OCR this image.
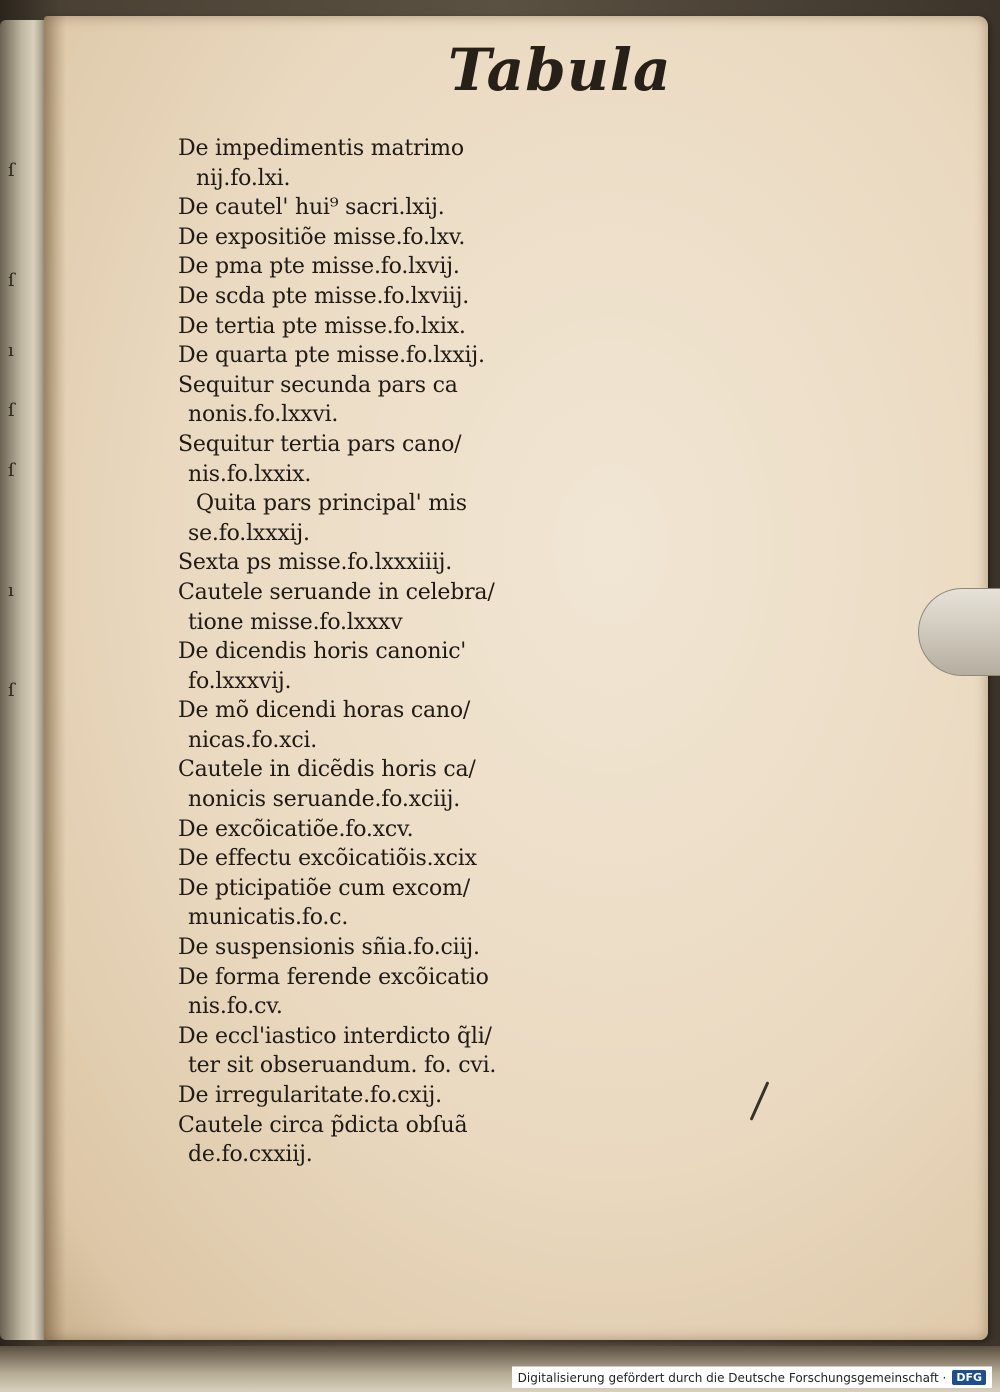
ſ
ſ
ı
ſ
ſ
ı
ſ
Tabula
De impedimentis matrimo
nij.fo.lxi.
De cautel' hui⁹ sacri.lxij.
De expositiõe misse.fo.lxv.
De pma pte misse.fo.lxvij.
De scda pte misse.fo.lxviij.
De tertia pte misse.fo.lxix.
De quarta pte misse.fo.lxxij.
Sequitur secunda pars ca
nonis.fo.lxxvi.
Sequitur tertia pars cano/
nis.fo.lxxix.
Quita pars principal' mis
se.fo.lxxxij.
Sexta ps misse.fo.lxxxiiij.
Cautele seruande in celebra/
tione misse.fo.lxxxv
De dicendis horis canonic'
fo.lxxxvij.
De mõ dicendi horas cano/
nicas.fo.xci.
Cautele in dicẽdis horis ca/
nonicis seruande.fo.xciij.
De excõicatiõe.fo.xcv.
De effectu excõicatiõis.xcix
De pticipatiõe cum excom/
municatis.fo.c.
De suspensionis sñia.fo.ciij.
De forma ferende excõicatio
nis.fo.cv.
De eccl'iastico interdicto q̃li/
ter sit obseruandum. fo. cvi.
De irregularitate.fo.cxij.
Cautele circa p̃dicta obſuã
de.fo.cxxiij.
Digitalisierung gefördert durch die Deutsche Forschungsgemeinschaft · DFG
